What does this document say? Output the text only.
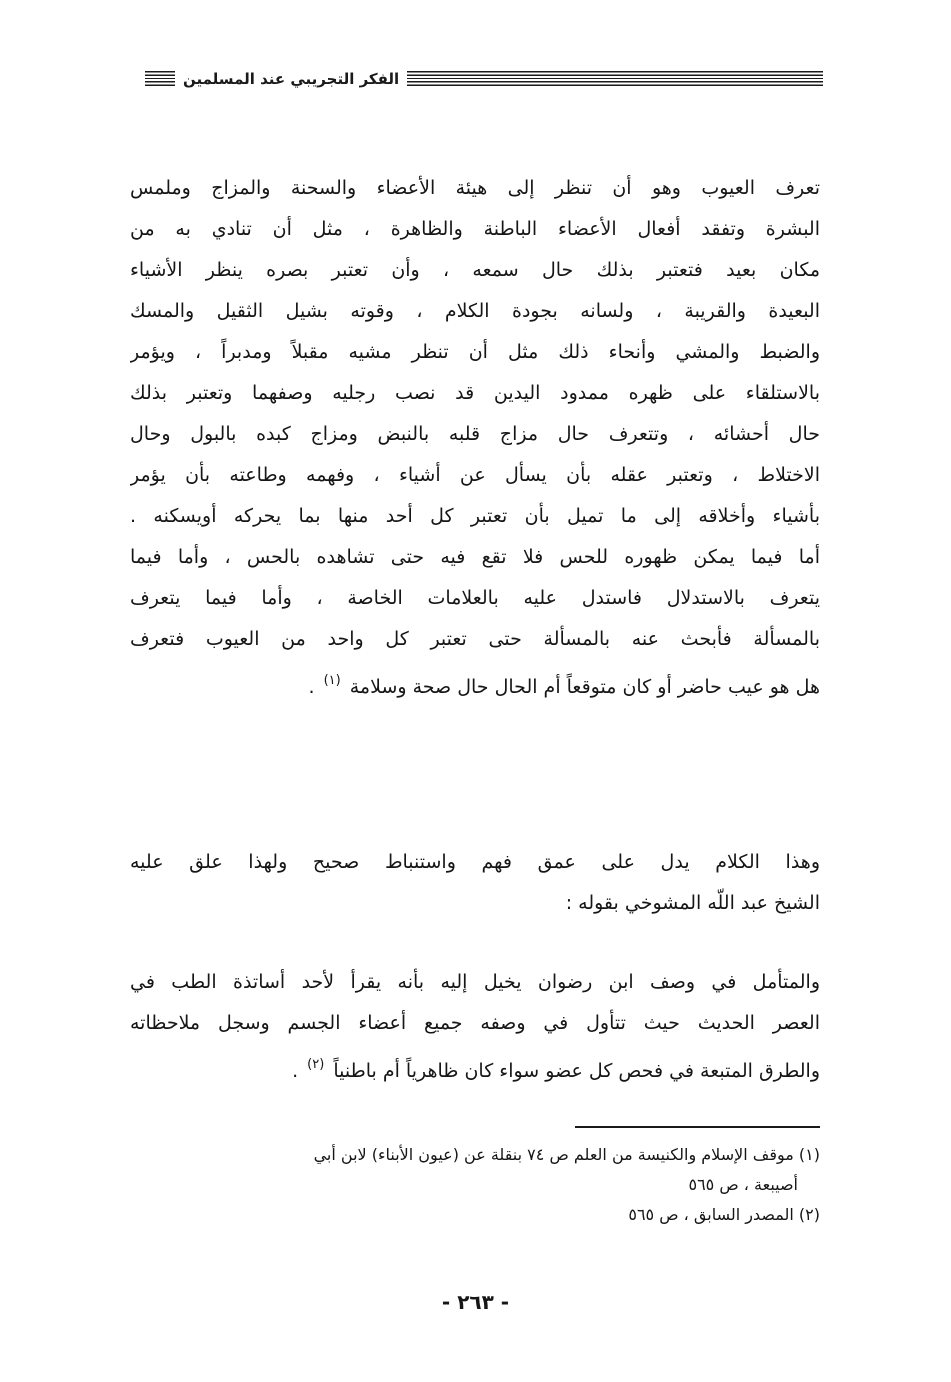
الفكر التجريبي عند المسلمين
تعرف العيوب وهو أن تنظر إلى هيئة الأعضاء والسحنة والمزاج وملمس
البشرة وتفقد أفعال الأعضاء الباطنة والظاهرة ، مثل أن تنادي به من
مكان بعيد فتعتبر بذلك حال سمعه ، وأن تعتبر بصره ينظر الأشياء
البعيدة والقريبة ، ولسانه بجودة الكلام ، وقوته بشيل الثقيل والمسك
والضبط والمشي وأنحاء ذلك مثل أن تنظر مشيه مقبلاً ومدبراً ، ويؤمر
بالاستلقاء على ظهره ممدود اليدين قد نصب رجليه وصفهما وتعتبر بذلك
حال أحشائه ، وتتعرف حال مزاج قلبه بالنبض ومزاج كبده بالبول وحال
الاختلاط ، وتعتبر عقله بأن يسأل عن أشياء ، وفهمه وطاعته بأن يؤمر
بأشياء وأخلاقه إلى ما تميل بأن تعتبر كل أحد منها بما يحركه أويسكنه .
أما فيما يمكن ظهوره للحس فلا تقع فيه حتى تشاهده بالحس ، وأما فيما
يتعرف بالاستدلال فاستدل عليه بالعلامات الخاصة ، وأما فيما يتعرف
بالمسألة فأبحث عنه بالمسألة حتى تعتبر كل واحد من العيوب فتعرف
هل هو عيب حاضر أو كان متوقعاً أم الحال حال صحة وسلامة $^{(١)}$ .
وهذا الكلام يدل على عمق فهم واستنباط صحيح ولهذا علق عليه
الشيخ عبد اللّه المشوخي بقوله :
والمتأمل في وصف ابن رضوان يخيل إليه بأنه يقرأ لأحد أساتذة الطب في
العصر الحديث حيث تتأول في وصفه جميع أعضاء الجسم وسجل ملاحظاته
والطرق المتبعة في فحص كل عضو سواء كان ظاهرياً أم باطنياً $^{(٢)}$ .
(١) موقف الإسلام والكنيسة من العلم ص ٧٤ بنقلة عن (عيون الأبناء) لابن أبي
أصيبعة ، ص ٥٦٥
(٢) المصدر السابق ، ص ٥٦٥
- ٢٦٣ -
